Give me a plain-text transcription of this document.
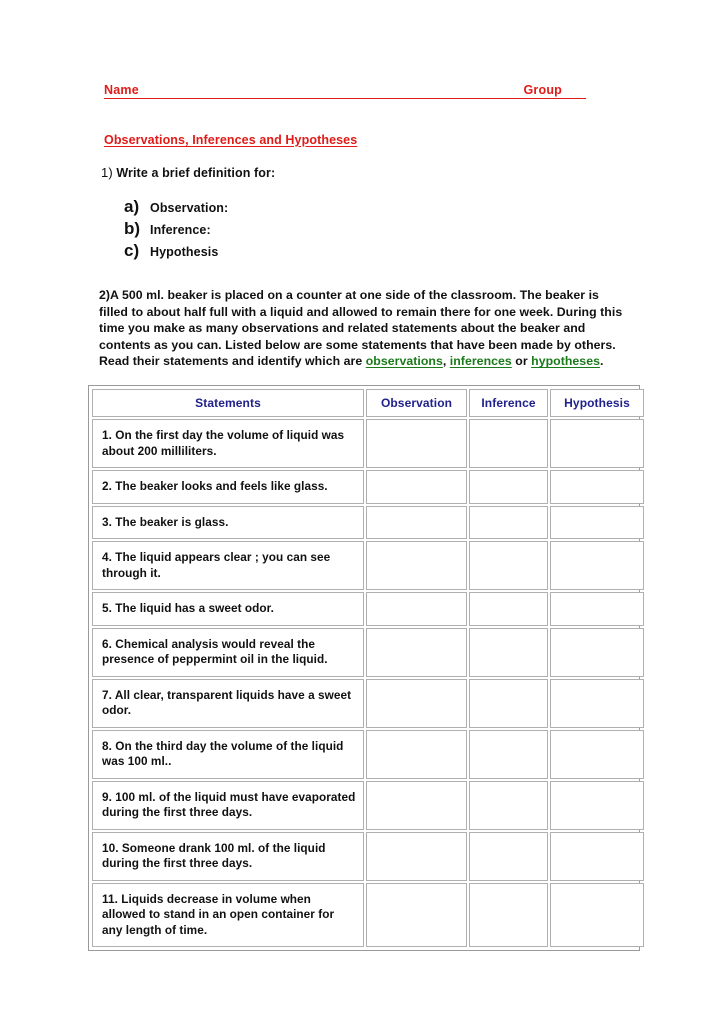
Name	Group
Observations, Inferences and Hypotheses
1) Write a brief definition for:
a) Observation:
b) Inference:
c) Hypothesis
2)A 500 ml. beaker is placed on a counter at one side of the classroom. The beaker is filled to about half full with a liquid and allowed to remain there for one week. During this time you make as many observations and related statements about the beaker and contents as you can. Listed below are some statements that have been made by others. Read their statements and identify which are observations, inferences or hypotheses.
Statements	Observation	Inference	Hypothesis
1. On the first day the volume of liquid was about 200 milliliters.			
2. The beaker looks and feels like glass.			
3. The beaker is glass.			
4. The liquid appears clear ; you can see through it.			
5. The liquid has a sweet odor.			
6. Chemical analysis would reveal the presence of peppermint oil in the liquid.			
7. All clear, transparent liquids have a sweet odor.			
8. On the third day the volume of the liquid was 100 ml..			
9. 100 ml. of the liquid must have evaporated during the first three days.			
10. Someone drank 100 ml. of the liquid during the first three days.			
11. Liquids decrease in volume when allowed to stand in an open container for any length of time.			
